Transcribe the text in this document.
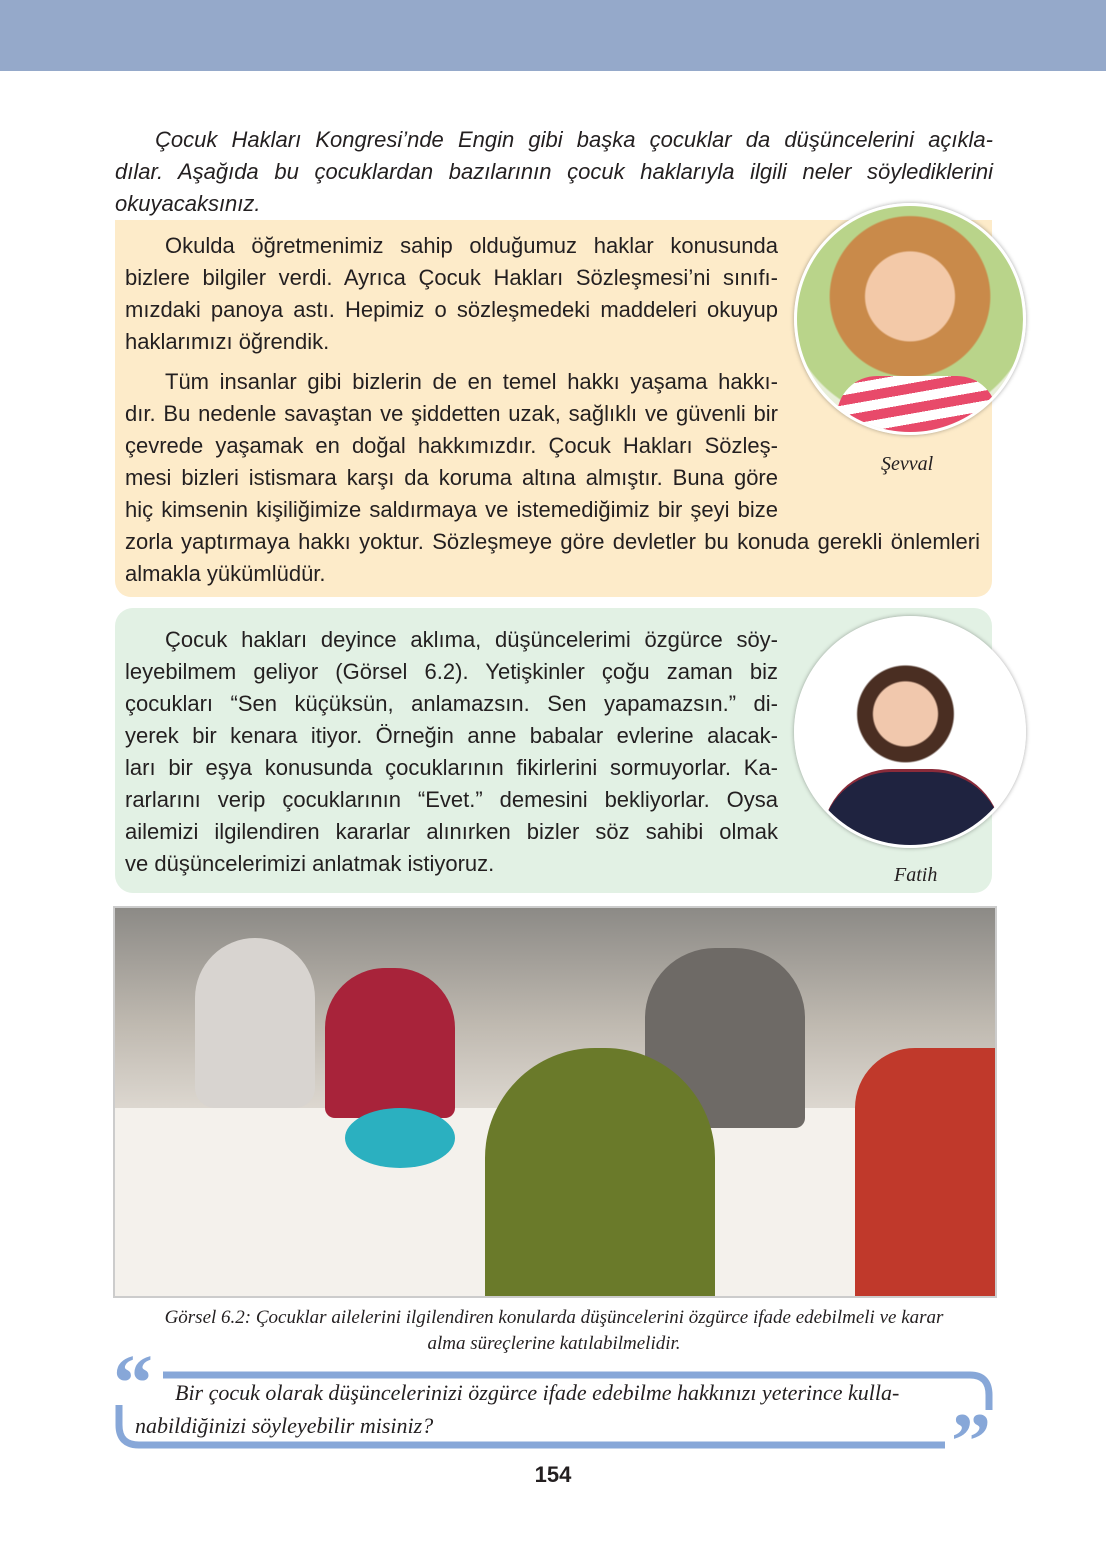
Çocuk Hakları Kongresi’nde Engin gibi başka çocuklar da düşüncelerini açıkla-
dılar. Aşağıda bu çocuklardan bazılarının çocuk haklarıyla ilgili neler söylediklerini
okuyacaksınız.
Okulda öğretmenimiz sahip olduğumuz haklar konusunda
bizlere bilgiler verdi. Ayrıca Çocuk Hakları Sözleşmesi’ni sınıfı-
mızdaki panoya astı. Hepimiz o sözleşmedeki maddeleri okuyup
haklarımızı öğrendik.
Tüm insanlar gibi bizlerin de en temel hakkı yaşama hakkı-
dır. Bu nedenle savaştan ve şiddetten uzak, sağlıklı ve güvenli bir
çevrede yaşamak en doğal hakkımızdır. Çocuk Hakları Sözleş-
mesi bizleri istismara karşı da koruma altına almıştır. Buna göre
hiç kimsenin kişiliğimize saldırmaya ve istemediğimiz bir şeyi bize
zorla yaptırmaya hakkı yoktur. Sözleşmeye göre devletler bu konuda gerekli önlemleri
almakla yükümlüdür.
Şevval
Çocuk hakları deyince aklıma, düşüncelerimi özgürce söy-
leyebilmem geliyor (Görsel 6.2). Yetişkinler çoğu zaman biz
çocukları “Sen küçüksün, anlamazsın. Sen yapamazsın.” di-
yerek bir kenara itiyor. Örneğin anne babalar evlerine alacak-
ları bir eşya konusunda çocuklarının fikirlerini sormuyorlar. Ka-
rarlarını verip çocuklarının “Evet.” demesini bekliyorlar. Oysa
ailemizi ilgilendiren kararlar alınırken bizler söz sahibi olmak
ve düşüncelerimizi anlatmak istiyoruz.	Fatih
Görsel 6.2: Çocuklar ailelerini ilgilendiren konularda düşüncelerini özgürce ifade edebilmeli ve karar
alma süreçlerine katılabilmelidir.
“
”
Bir çocuk olarak düşüncelerinizi özgürce ifade edebilme hakkınızı yeterince kulla-
nabildiğinizi söyleyebilir misiniz?
154
